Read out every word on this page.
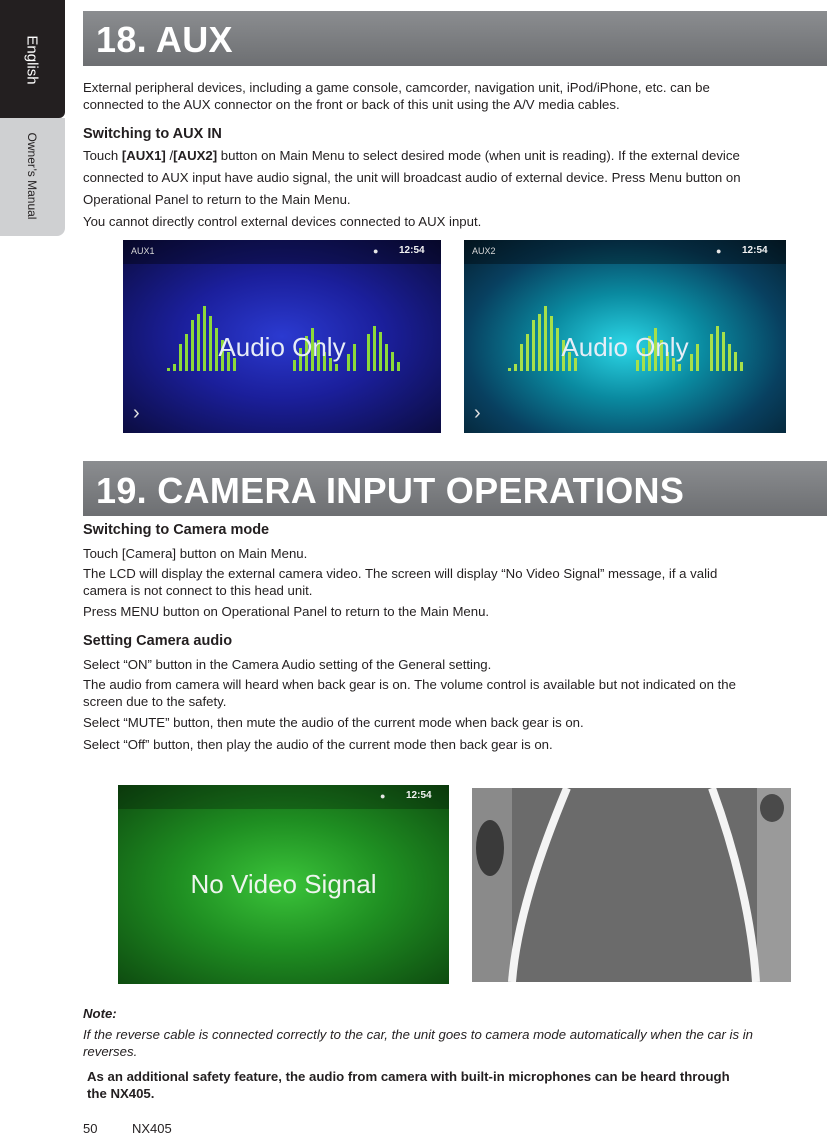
English
Owner’s Manual
18. AUX
External peripheral devices, including a game console, camcorder, navigation unit, iPod/iPhone, etc. can be
connected to the AUX connector on the front or back of this unit using the A/V media cables.
Switching to AUX IN
Touch [AUX1] /[AUX2] button on Main Menu to select desired mode (when unit is reading). If the external device
connected to AUX input have audio signal, the unit will broadcast audio of external device. Press Menu button on
Operational Panel to return to the Main Menu.
You cannot directly control external devices connected to AUX input.
AUX1	● 12:54
Audio Only
›
AUX2	● 12:54
Audio Only
›
19. CAMERA INPUT OPERATIONS
Switching to Camera mode
Touch [Camera] button on Main Menu.
The LCD will display the external camera video. The screen will display “No Video Signal” message, if a valid
camera is not connect to this head unit.
Press MENU button on Operational Panel to return to the Main Menu.
Setting Camera audio
Select “ON” button in the Camera Audio setting of the General setting.
The audio from camera will heard when back gear is on. The volume control is available but not indicated on the
screen due to the safety.
Select “MUTE” button, then mute the audio of the current mode when back gear is on.
Select “Off” button, then play the audio of the current mode then back gear is on.
● 12:54
No Video Signal
Note:
If the reverse cable is connected correctly to the car, the unit goes to camera mode automatically when the car is in
reverses.
As an additional safety feature, the audio from camera with built-in microphones can be heard through
the NX405.
50	NX405
